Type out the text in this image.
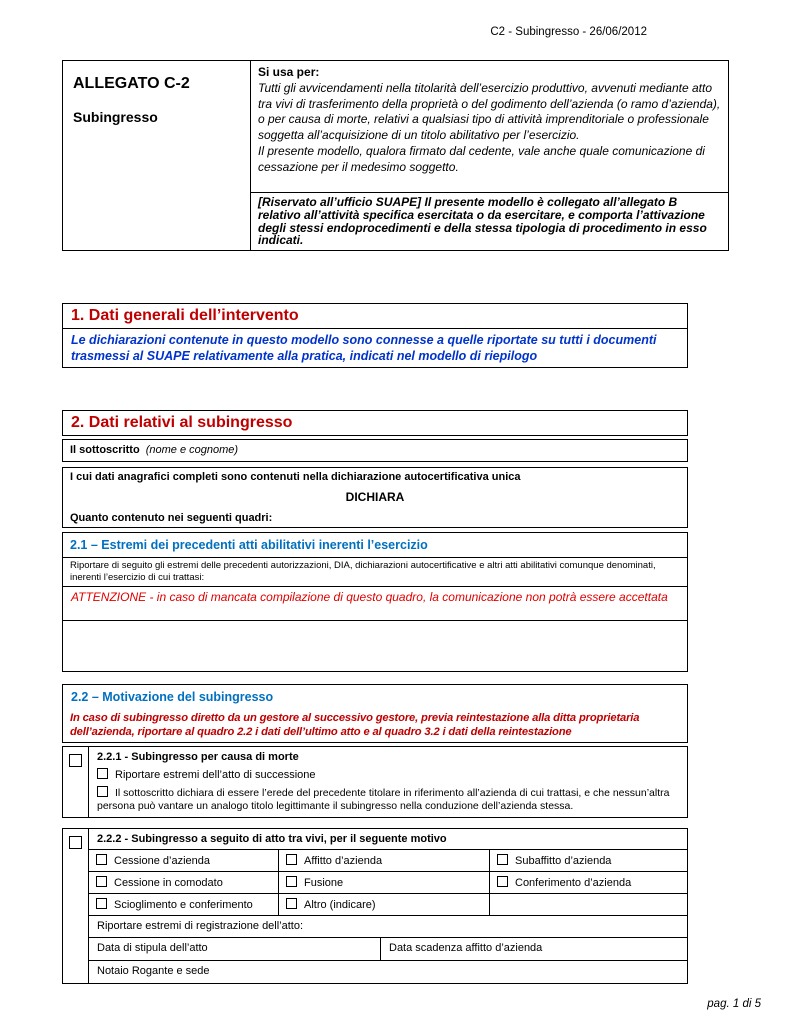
C2 - Subingresso - 26/06/2012
ALLEGATO C-2
Subingresso

Si usa per:

Tutti gli avvicendamenti nella titolarità dell’esercizio produttivo, avvenuti mediante atto tra vivi di trasferimento della proprietà o del godimento dell’azienda (o ramo d’azienda), o per causa di morte, relativi a qualsiasi tipo di attività imprenditoriale o professionale soggetta all’acquisizione di un titolo abilitativo per l’esercizio.

Il presente modello, qualora firmato dal cedente, vale anche quale comunicazione di cessazione per il medesimo soggetto.

[Riservato all’ufficio SUAPE] Il presente modello è collegato all’allegato B relativo all’attività specifica esercitata o da esercitare, e comporta l’attivazione degli stessi endoprocedimenti e della stessa tipologia di procedimento in esso indicati.
1. Dati generali dell’intervento
Le dichiarazioni contenute in questo modello sono connesse a quelle riportate su tutti i documenti trasmessi al SUAPE relativamente alla pratica, indicati nel modello di riepilogo
2. Dati relativi al subingresso
Il sottoscritto (nome e cognome)
I cui dati anagrafici completi sono contenuti nella dichiarazione autocertificativa unica
DICHIARA
Quanto contenuto nei seguenti quadri:
2.1 – Estremi dei precedenti atti abilitativi inerenti l’esercizio
Riportare di seguito gli estremi delle precedenti autorizzazioni, DIA, dichiarazioni autocertificative e altri atti abilitativi comunque denominati, inerenti l’esercizio di cui trattasi:
ATTENZIONE - in caso di mancata compilazione di questo quadro, la comunicazione non potrà essere accettata
2.2 – Motivazione del subingresso
In caso di subingresso diretto da un gestore al successivo gestore, previa reintestazione alla ditta proprietaria dell’azienda, riportare al quadro 2.2 i dati dell’ultimo atto e al quadro 3.2 i dati della reintestazione
2.2.1 - Subingresso per causa di morte
Riportare estremi dell’atto di successione
Il sottoscritto dichiara di essere l’erede del precedente titolare in riferimento all’azienda di cui trattasi, e che nessun’altra persona può vantare un analogo titolo legittimante il subingresso nella conduzione dell’azienda stessa.
2.2.2 - Subingresso a seguito di atto tra vivi, per il seguente motivo
Cessione d’azienda	Affitto d’azienda	Subaffitto d’azienda
Cessione in comodato	Fusione	Conferimento d’azienda
Scioglimento e conferimento	Altro (indicare)
Riportare estremi di registrazione dell’atto:
Data di stipula dell’atto	Data scadenza affitto d’azienda
Notaio Rogante e sede
pag. 1 di 5
